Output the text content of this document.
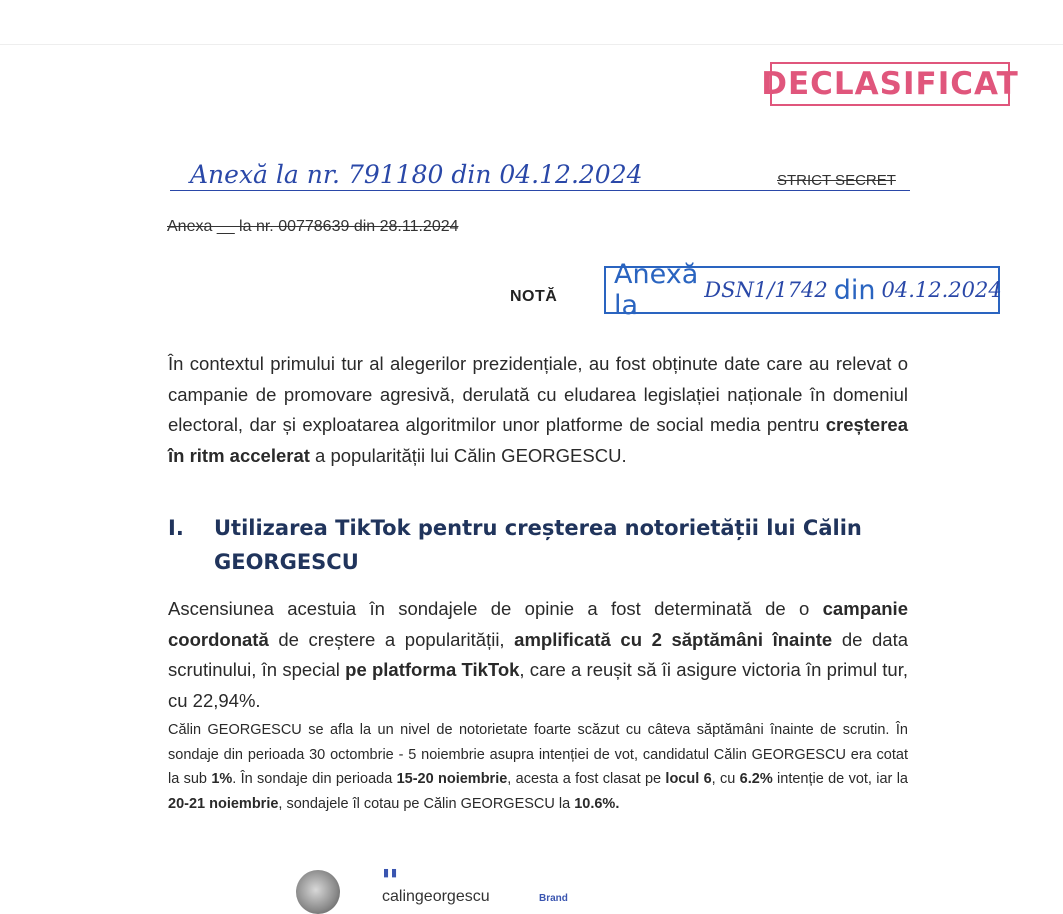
DECLASIFICAT
Anexă la nr. 791180 din 04.12.2024	STRICT SECRET
Anexa __ la nr. 00778639 din 28.11.2024
NOTĂ
Anexă la	DSN1/1742 din 04.12.2024
În contextul primului tur al alegerilor prezidențiale, au fost obținute date care au relevat o campanie de promovare agresivă, derulată cu eludarea legislației naționale în domeniul electoral, dar și exploatarea algoritmilor unor platforme de social media pentru creșterea în ritm accelerat a popularității lui Călin GEORGESCU.
I. Utilizarea TikTok pentru creșterea notorietății lui Călin
GEORGESCU
Ascensiunea acestuia în sondajele de opinie a fost determinată de o campanie coordonată de creștere a popularității, amplificată cu 2 săptămâni înainte de data scrutinului, în special pe platforma TikTok, care a reușit să îi asigure victoria în primul tur, cu 22,94%.
Călin GEORGESCU se afla la un nivel de notorietate foarte scăzut cu câteva săptămâni înainte de scrutin. În sondaje din perioada 30 octombrie - 5 noiembrie asupra intenției de vot, candidatul Călin GEORGESCU era cotat la sub 1%. În sondaje din perioada 15-20 noiembrie, acesta a fost clasat pe locul 6, cu 6.2% intenție de vot, iar la 20-21 noiembrie, sondajele îl cotau pe Călin GEORGESCU la 10.6%.
▮▮
calingeorgescu	Brand
